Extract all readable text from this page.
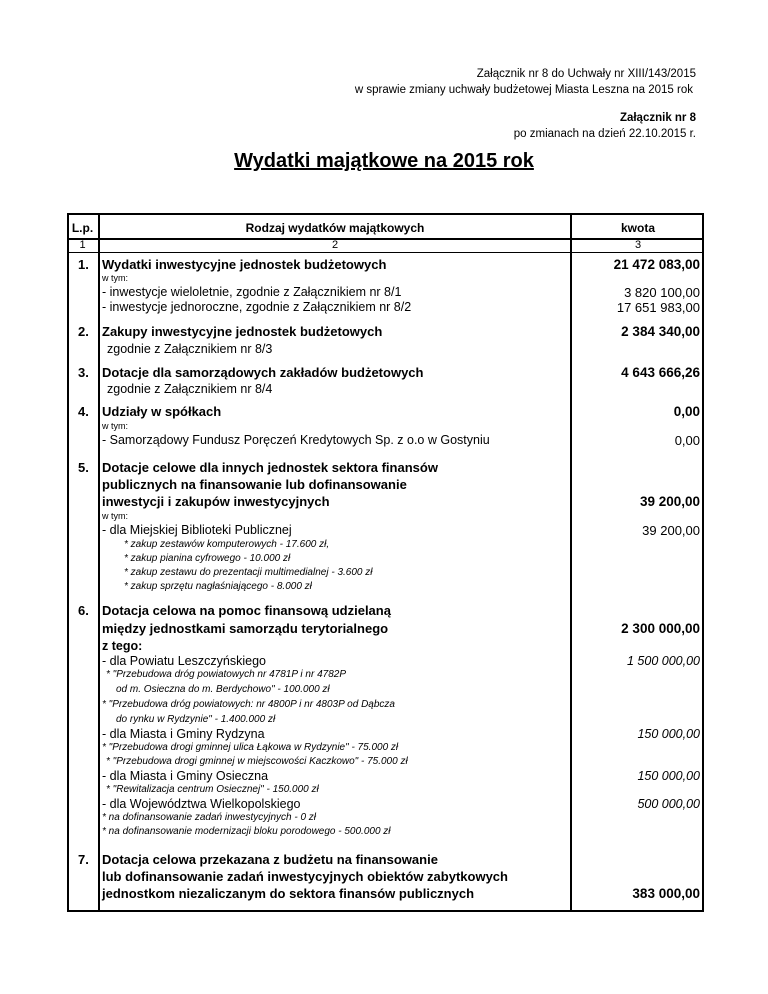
Załącznik nr 8 do Uchwały nr XIII/143/2015
w sprawie zmiany uchwały budżetowej Miasta Leszna na 2015 rok
Załącznik nr 8
po zmianach na dzień 22.10.2015 r.
Wydatki majątkowe na 2015 rok
L.p.	Rodzaj wydatków majątkowych	kwota
1	2	3
1. Wydatki inwestycyjne jednostek budżetowych	21 472 083,00
w tym:
- inwestycje wieloletnie, zgodnie z Załącznikiem nr 8/1	3 820 100,00
- inwestycje jednoroczne, zgodnie z Załącznikiem nr 8/2	17 651 983,00
2. Zakupy inwestycyjne jednostek budżetowych	2 384 340,00
zgodnie z Załącznikiem nr 8/3
3. Dotacje dla samorządowych zakładów budżetowych	4 643 666,26
zgodnie z Załącznikiem nr 8/4
4. Udziały w spółkach	0,00
w tym:
- Samorządowy Fundusz Poręczeń Kredytowych Sp. z o.o w Gostyniu	0,00
5. Dotacje celowe dla innych jednostek sektora finansów
publicznych na finansowanie lub dofinansowanie
inwestycji i zakupów inwestycyjnych	39 200,00
w tym:
- dla Miejskiej Biblioteki Publicznej	39 200,00
* zakup zestawów komputerowych - 17.600 zł,
* zakup pianina cyfrowego - 10.000 zł
* zakup zestawu do prezentacji multimedialnej - 3.600 zł
* zakup sprzętu nagłaśniającego - 8.000 zł
6. Dotacja celowa na pomoc finansową udzielaną
między jednostkami samorządu terytorialnego	2 300 000,00
z tego:
- dla Powiatu Leszczyńskiego	1 500 000,00
* "Przebudowa dróg powiatowych nr 4781P i nr 4782P
od m. Osieczna do m. Berdychowo" - 100.000 zł
* "Przebudowa dróg powiatowych: nr 4800P i nr 4803P od Dąbcza
do rynku w Rydzynie" - 1.400.000 zł
- dla Miasta i Gminy Rydzyna	150 000,00
* "Przebudowa drogi gminnej ulica Łąkowa w Rydzynie" - 75.000 zł
* "Przebudowa drogi gminnej w miejscowości Kaczkowo" - 75.000 zł
- dla Miasta i Gminy Osieczna	150 000,00
* "Rewitalizacja centrum Osiecznej" - 150.000 zł
- dla Województwa Wielkopolskiego	500 000,00
* na dofinansowanie zadań inwestycyjnych - 0 zł
* na dofinansowanie modernizacji bloku porodowego - 500.000 zł
7. Dotacja celowa przekazana z budżetu na finansowanie
lub dofinansowanie zadań inwestycyjnych obiektów zabytkowych
jednostkom niezaliczanym do sektora finansów publicznych	383 000,00
